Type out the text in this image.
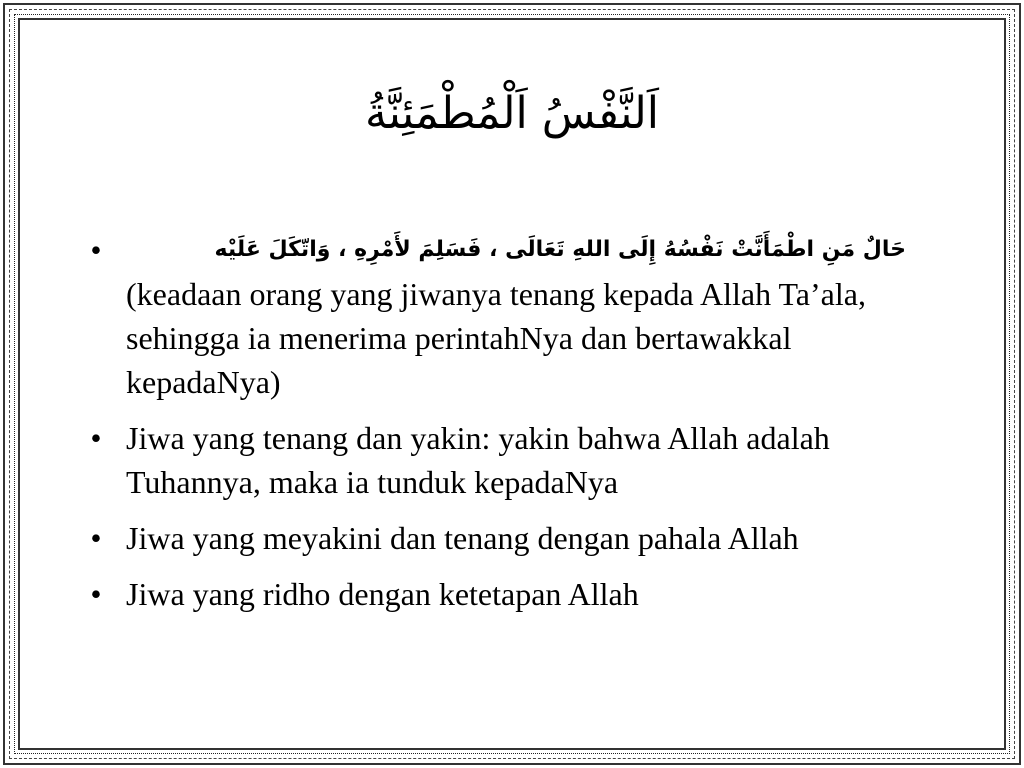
اَلنَّفْسُ اَلْمُطْمَئِنَّةُ
•	حَالٌ مَنِ اطْمَأَنَّتْ نَفْسُهُ إِلَى اللهِ تَعَالَى ، فَسَلِمَ لأَمْرِهِ ، وَاتّكَلَ عَلَيْه
(keadaan orang yang jiwanya tenang kepada Allah Ta’ala, sehingga ia menerima perintahNya dan bertawakkal kepadaNya)
• Jiwa yang tenang dan yakin: yakin bahwa Allah adalah Tuhannya, maka ia tunduk kepadaNya
• Jiwa yang meyakini dan tenang dengan pahala Allah
• Jiwa yang ridho dengan ketetapan Allah
